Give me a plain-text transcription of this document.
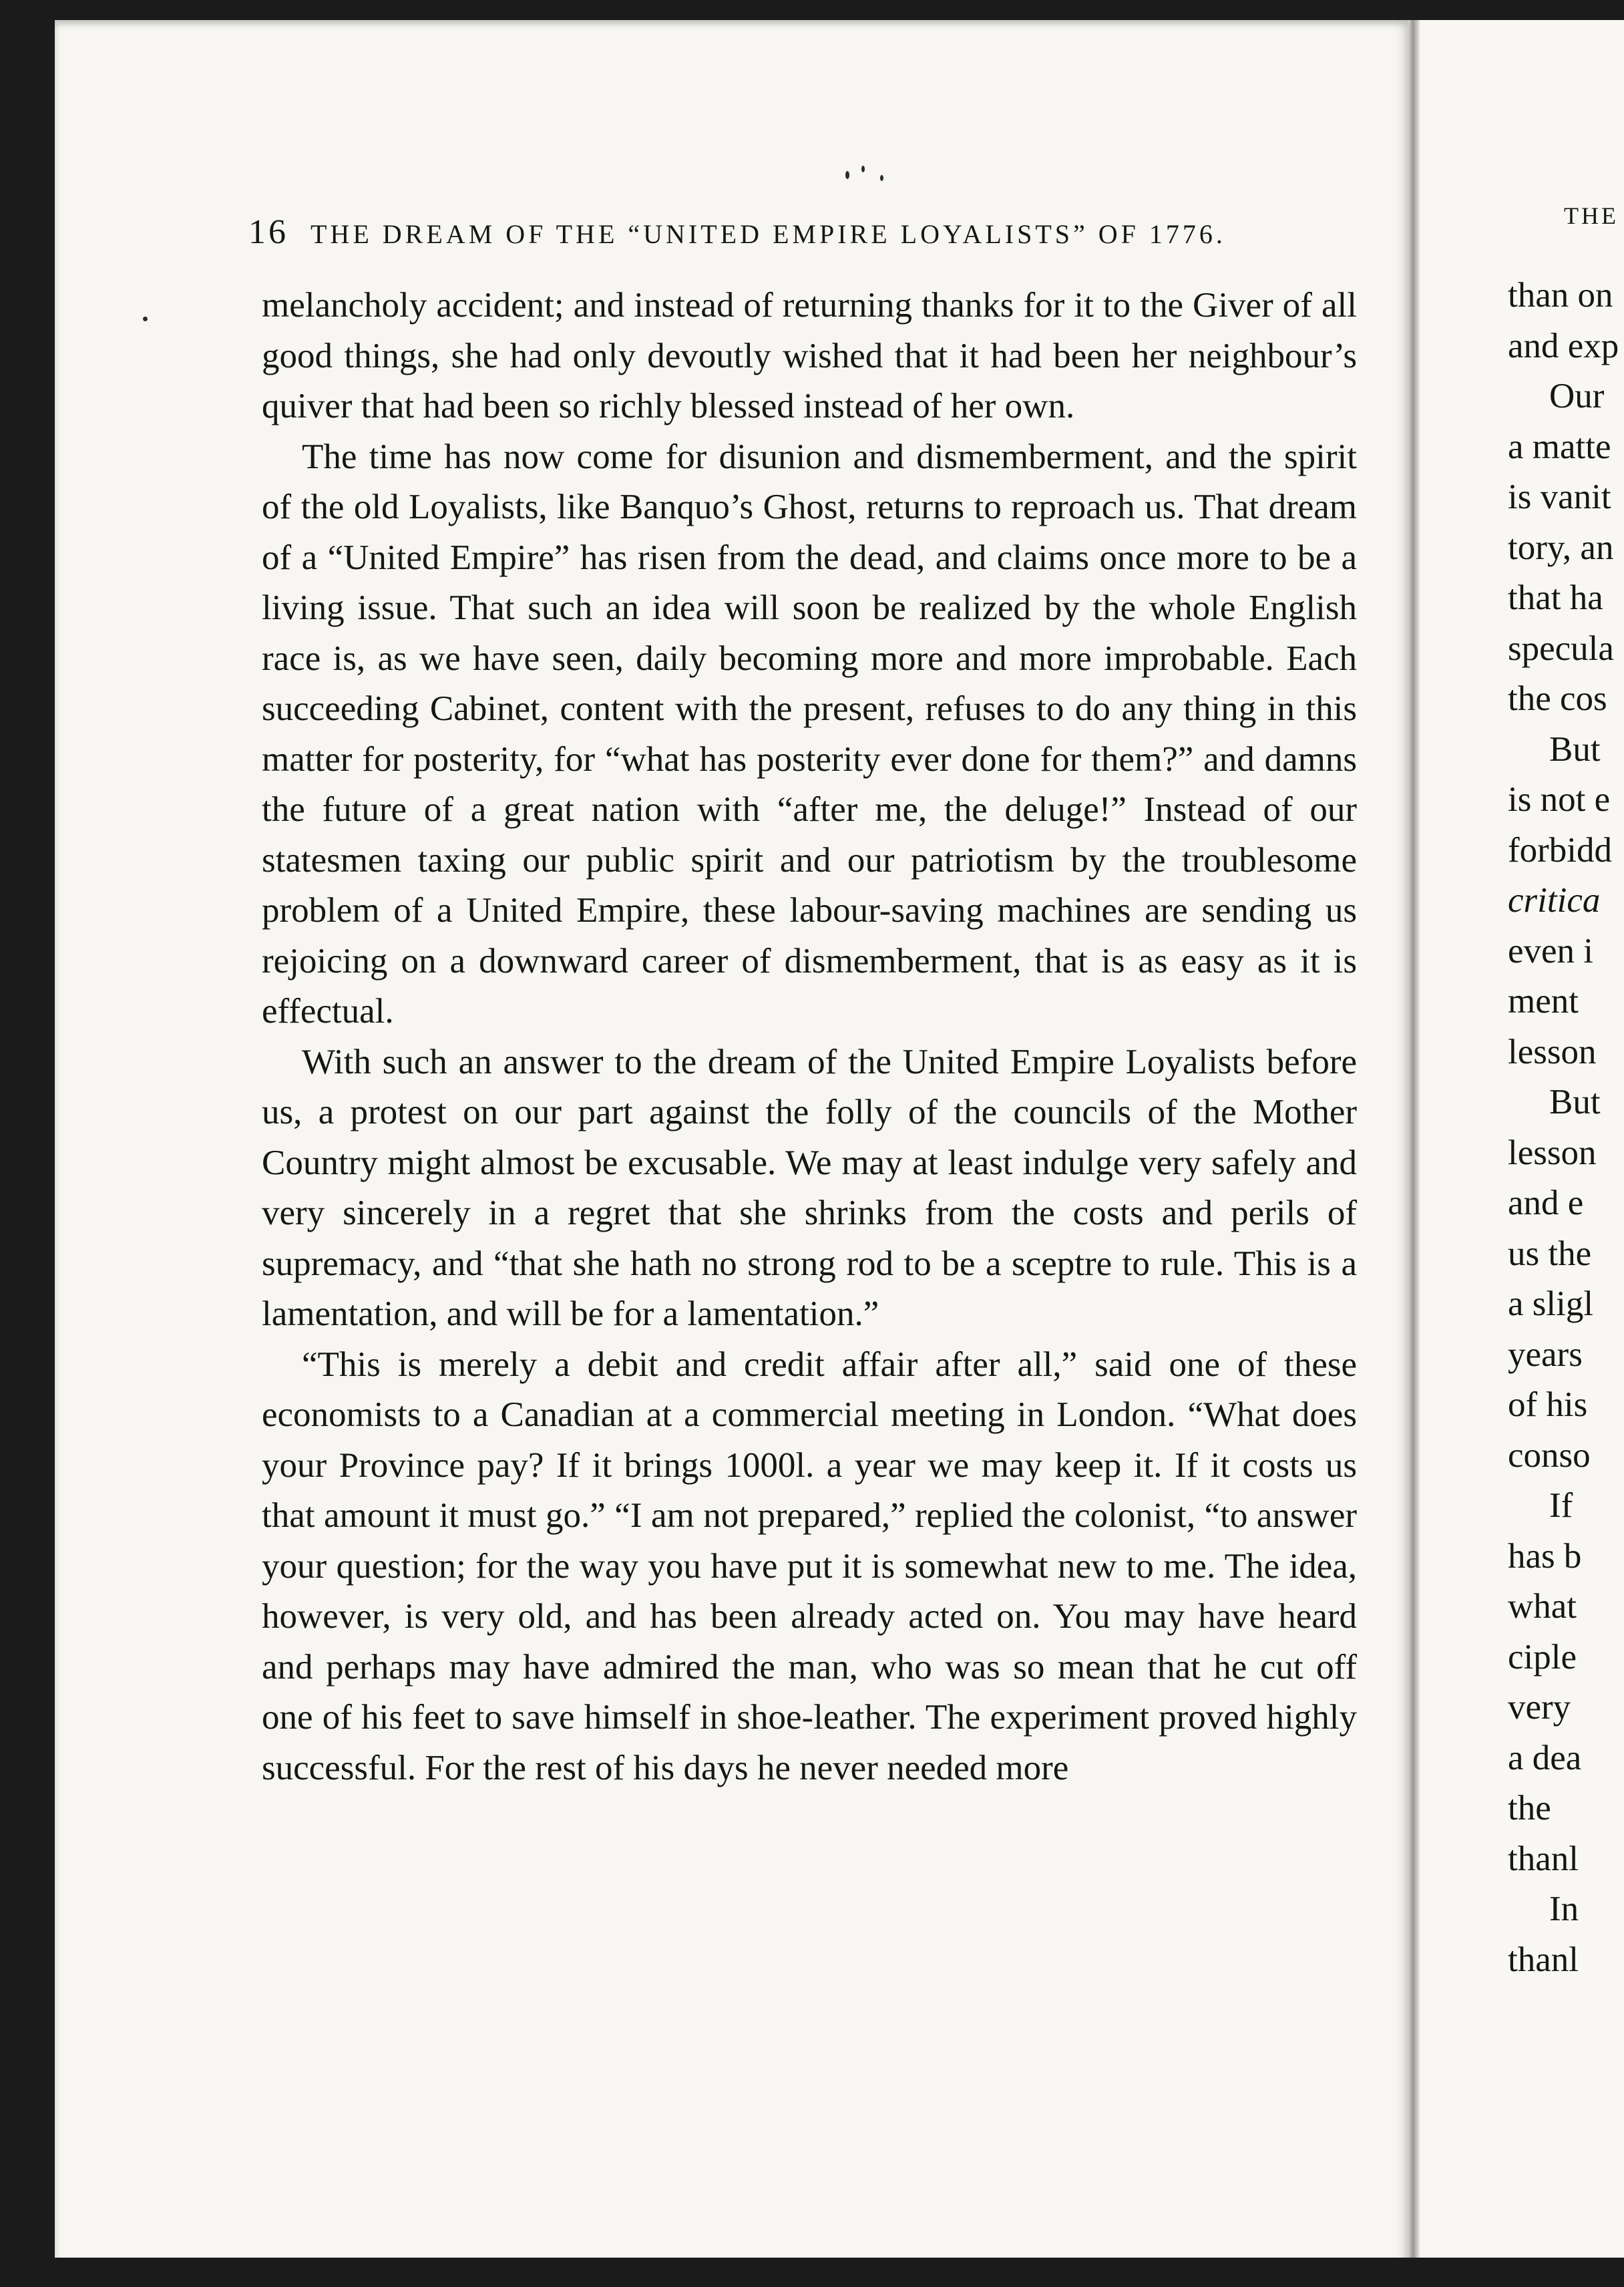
16 THE DREAM OF THE “UNITED EMPIRE LOYALISTS” OF 1776.

melancholy accident; and instead of returning thanks for it to the Giver of all good things, she had only devoutly wished that it had been her neighbour’s quiver that had been so richly blessed instead of her own.

The time has now come for disunion and dismemberment, and the spirit of the old Loyalists, like Banquo’s Ghost, returns to reproach us. That dream of a “United Empire” has risen from the dead, and claims once more to be a living issue. That such an idea will soon be realized by the whole English race is, as we have seen, daily becoming more and more improbable. Each succeeding Cabinet, content with the present, refuses to do any thing in this matter for posterity, for “what has posterity ever done for them?” and damns the future of a great nation with “after me, the deluge!” Instead of our statesmen taxing our public spirit and our patriotism by the troublesome problem of a United Empire, these labour-saving machines are sending us rejoicing on a downward career of dismemberment, that is as easy as it is effectual.

With such an answer to the dream of the United Empire Loyalists before us, a protest on our part against the folly of the councils of the Mother Country might almost be excusable. We may at least indulge very safely and very sincerely in a regret that she shrinks from the costs and perils of supremacy, and “that she hath no strong rod to be a sceptre to rule. This is a lamentation, and will be for a lamentation.”

“This is merely a debit and credit affair after all,” said one of these economists to a Canadian at a commercial meeting in London. “What does your Province pay? If it brings 1000l. a year we may keep it. If it costs us that amount it must go.” “I am not prepared,” replied the colonist, “to answer your question; for the way you have put it is somewhat new to me. The idea, however, is very old, and has been already acted on. You may have heard and perhaps may have admired the man, who was so mean that he cut off one of his feet to save himself in shoe-leather. The experiment proved highly successful. For the rest of his days he never needed more

THE
than on
and exp
Our
a matte
is vanit
tory, an
that ha
specula
the cos
But
is not e
forbidd
critica
even i
ment
lesson
But
lesson
and e
us the
a sligl
years
of his
conso
If
has b
what
ciple
very
a dea
the
thanl
In
thanl
